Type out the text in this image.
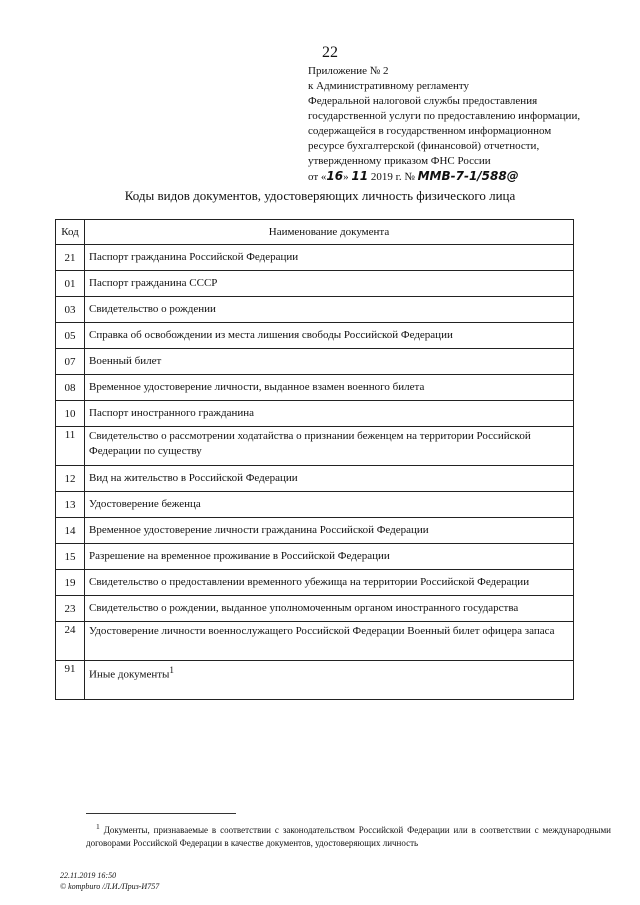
22
Приложение № 2
к Административному регламенту
Федеральной налоговой службы предоставления
государственной услуги по предоставлению информации,
содержащейся в государственном информационном
ресурсе бухгалтерской (финансовой) отчетности,
утвержденному приказом ФНС России
от «16» 11 2019 г. № ММВ-7-1/588@
Коды видов документов, удостоверяющих личность физического лица
Код	Наименование документа
21	Паспорт гражданина Российской Федерации
01	Паспорт гражданина СССР
03	Свидетельство о рождении
05	Справка об освобождении из места лишения свободы Российской Федерации
07	Военный билет
08	Временное удостоверение личности, выданное взамен военного билета
10	Паспорт иностранного гражданина
11	Свидетельство о рассмотрении ходатайства о признании беженцем на территории Российской Федерации по существу
12	Вид на жительство в Российской Федерации
13	Удостоверение беженца
14	Временное удостоверение личности гражданина Российской Федерации
15	Разрешение на временное проживание в Российской Федерации
19	Свидетельство о предоставлении временного убежища на территории Российской Федерации
23	Свидетельство о рождении, выданное уполномоченным органом иностранного государства
24	Удостоверение личности военнослужащего Российской Федерации Военный билет офицера запаса
91	Иные документы$^1$
$^1$ Документы, признаваемые в соответствии с законодательством Российской Федерации или в соответствии с международными договорами Российской Федерации в качестве документов, удостоверяющих личность
22.11.2019 16:50
© kompburo /Л.И./Приз-И757
